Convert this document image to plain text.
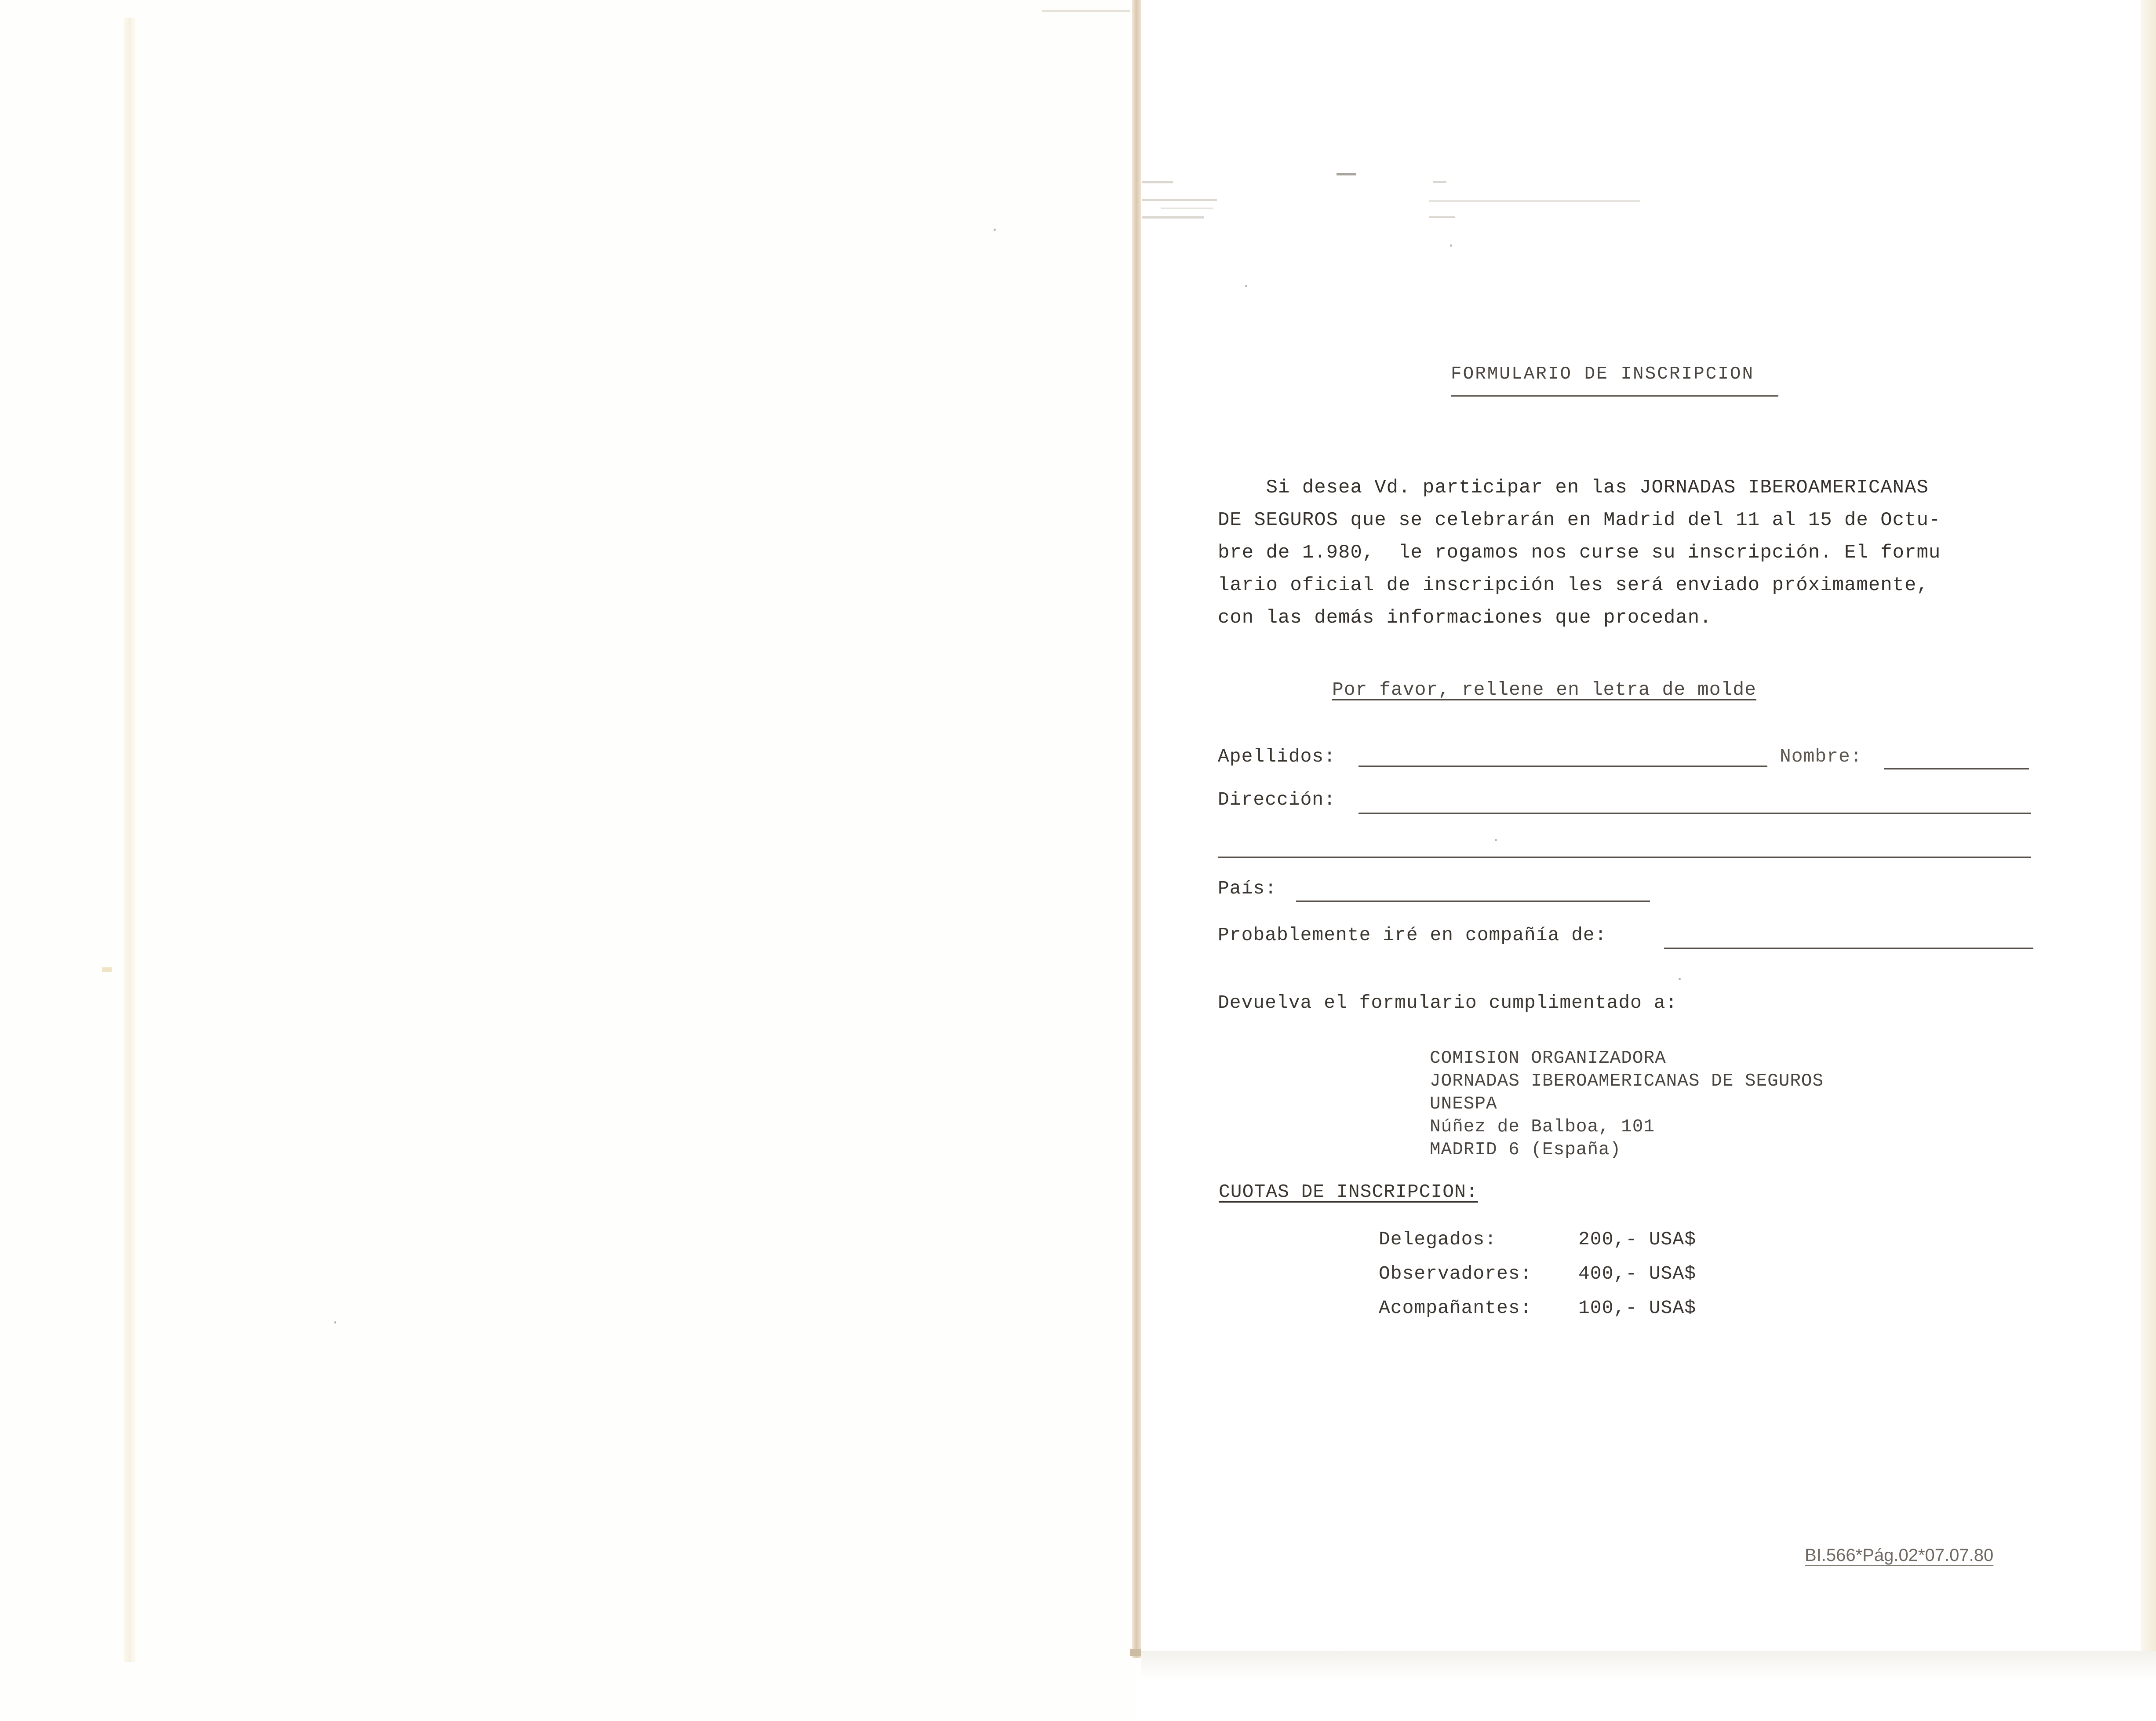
FORMULARIO DE INSCRIPCION
Si desea Vd. participar en las JORNADAS IBEROAMERICANAS
DE SEGUROS que se celebrarán en Madrid del 11 al 15 de Octu-
bre de 1.980,  le rogamos nos curse su inscripción. El formu
lario oficial de inscripción les será enviado próximamente,
con las demás informaciones que procedan.
Por favor, rellene en letra de molde
Apellidos:	Nombre:
Dirección:
País:
Probablemente iré en compañía de:
Devuelva el formulario cumplimentado a:
COMISION ORGANIZADORA
JORNADAS IBEROAMERICANAS DE SEGUROS
UNESPA
Núñez de Balboa, 101
MADRID 6 (España)
CUOTAS DE INSCRIPCION:
Delegados:	200,- USA$
Observadores: 400,- USA$
Acompañantes: 100,- USA$
BI.566*Pág.02*07.07.80
